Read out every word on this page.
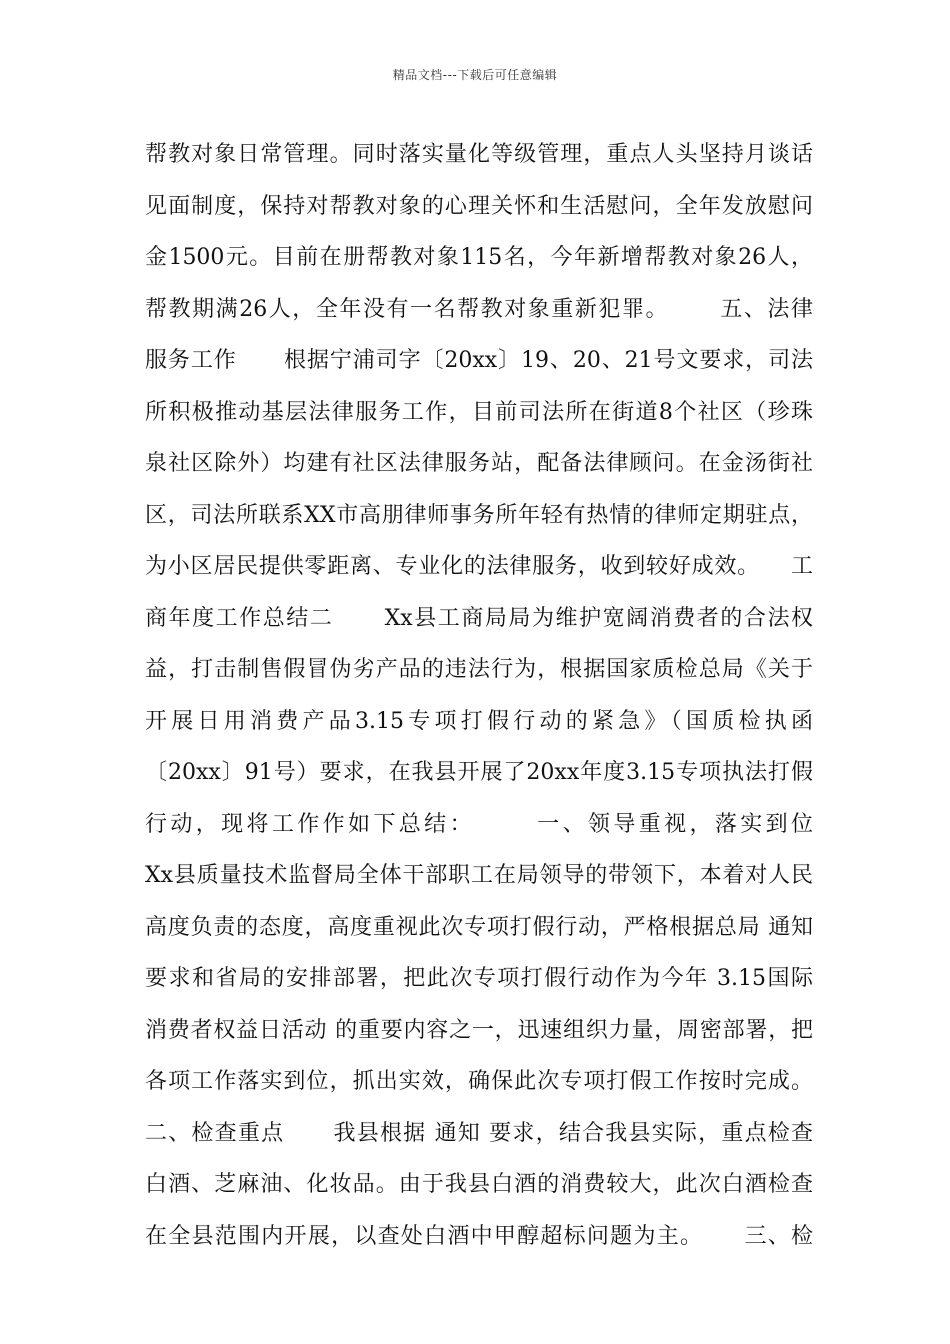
精品文档---下载后可任意编辑
帮教对象日常管理。同时落实量化等级管理，重点人头坚持月谈话
见面制度，保持对帮教对象的心理关怀和生活慰问，全年发放慰问
金1500元。目前在册帮教对象115名，今年新增帮教对象26人，
帮教期满26人，全年没有一名帮教对象重新犯罪。      五、法律
服务工作      根据宁浦司字〔20xx〕19、20、21号文要求，司法
所积极推动基层法律服务工作，目前司法所在街道8个社区（珍珠
泉社区除外）均建有社区法律服务站，配备法律顾问。在金汤街社
区，司法所联系XX市高朋律师事务所年轻有热情的律师定期驻点，
为小区居民提供零距离、专业化的法律服务，收到较好成效。    工
商年度工作总结二      Xx县工商局局为维护宽阔消费者的合法权
益，打击制售假冒伪劣产品的违法行为，根据国家质检总局《关于
开展日用消费产品3.15专项打假行动的紧急》（国质检执函
〔20xx〕91号）要求，在我县开展了20xx年度3.15专项执法打假
行动，现将工作作如下总结：      一、领导重视，落实到位
Xx县质量技术监督局全体干部职工在局领导的带领下，本着对人民
高度负责的态度，高度重视此次专项打假行动，严格根据总局 通知
要求和省局的安排部署，把此次专项打假行动作为今年 3.15国际
消费者权益日活动 的重要内容之一，迅速组织力量，周密部署，把
各项工作落实到位，抓出实效，确保此次专项打假工作按时完成。
二、检查重点      我县根据 通知 要求，结合我县实际，重点检查
白酒、芝麻油、化妆品。由于我县白酒的消费较大，此次白酒检查
在全县范围内开展，以查处白酒中甲醇超标问题为主。     三、检
